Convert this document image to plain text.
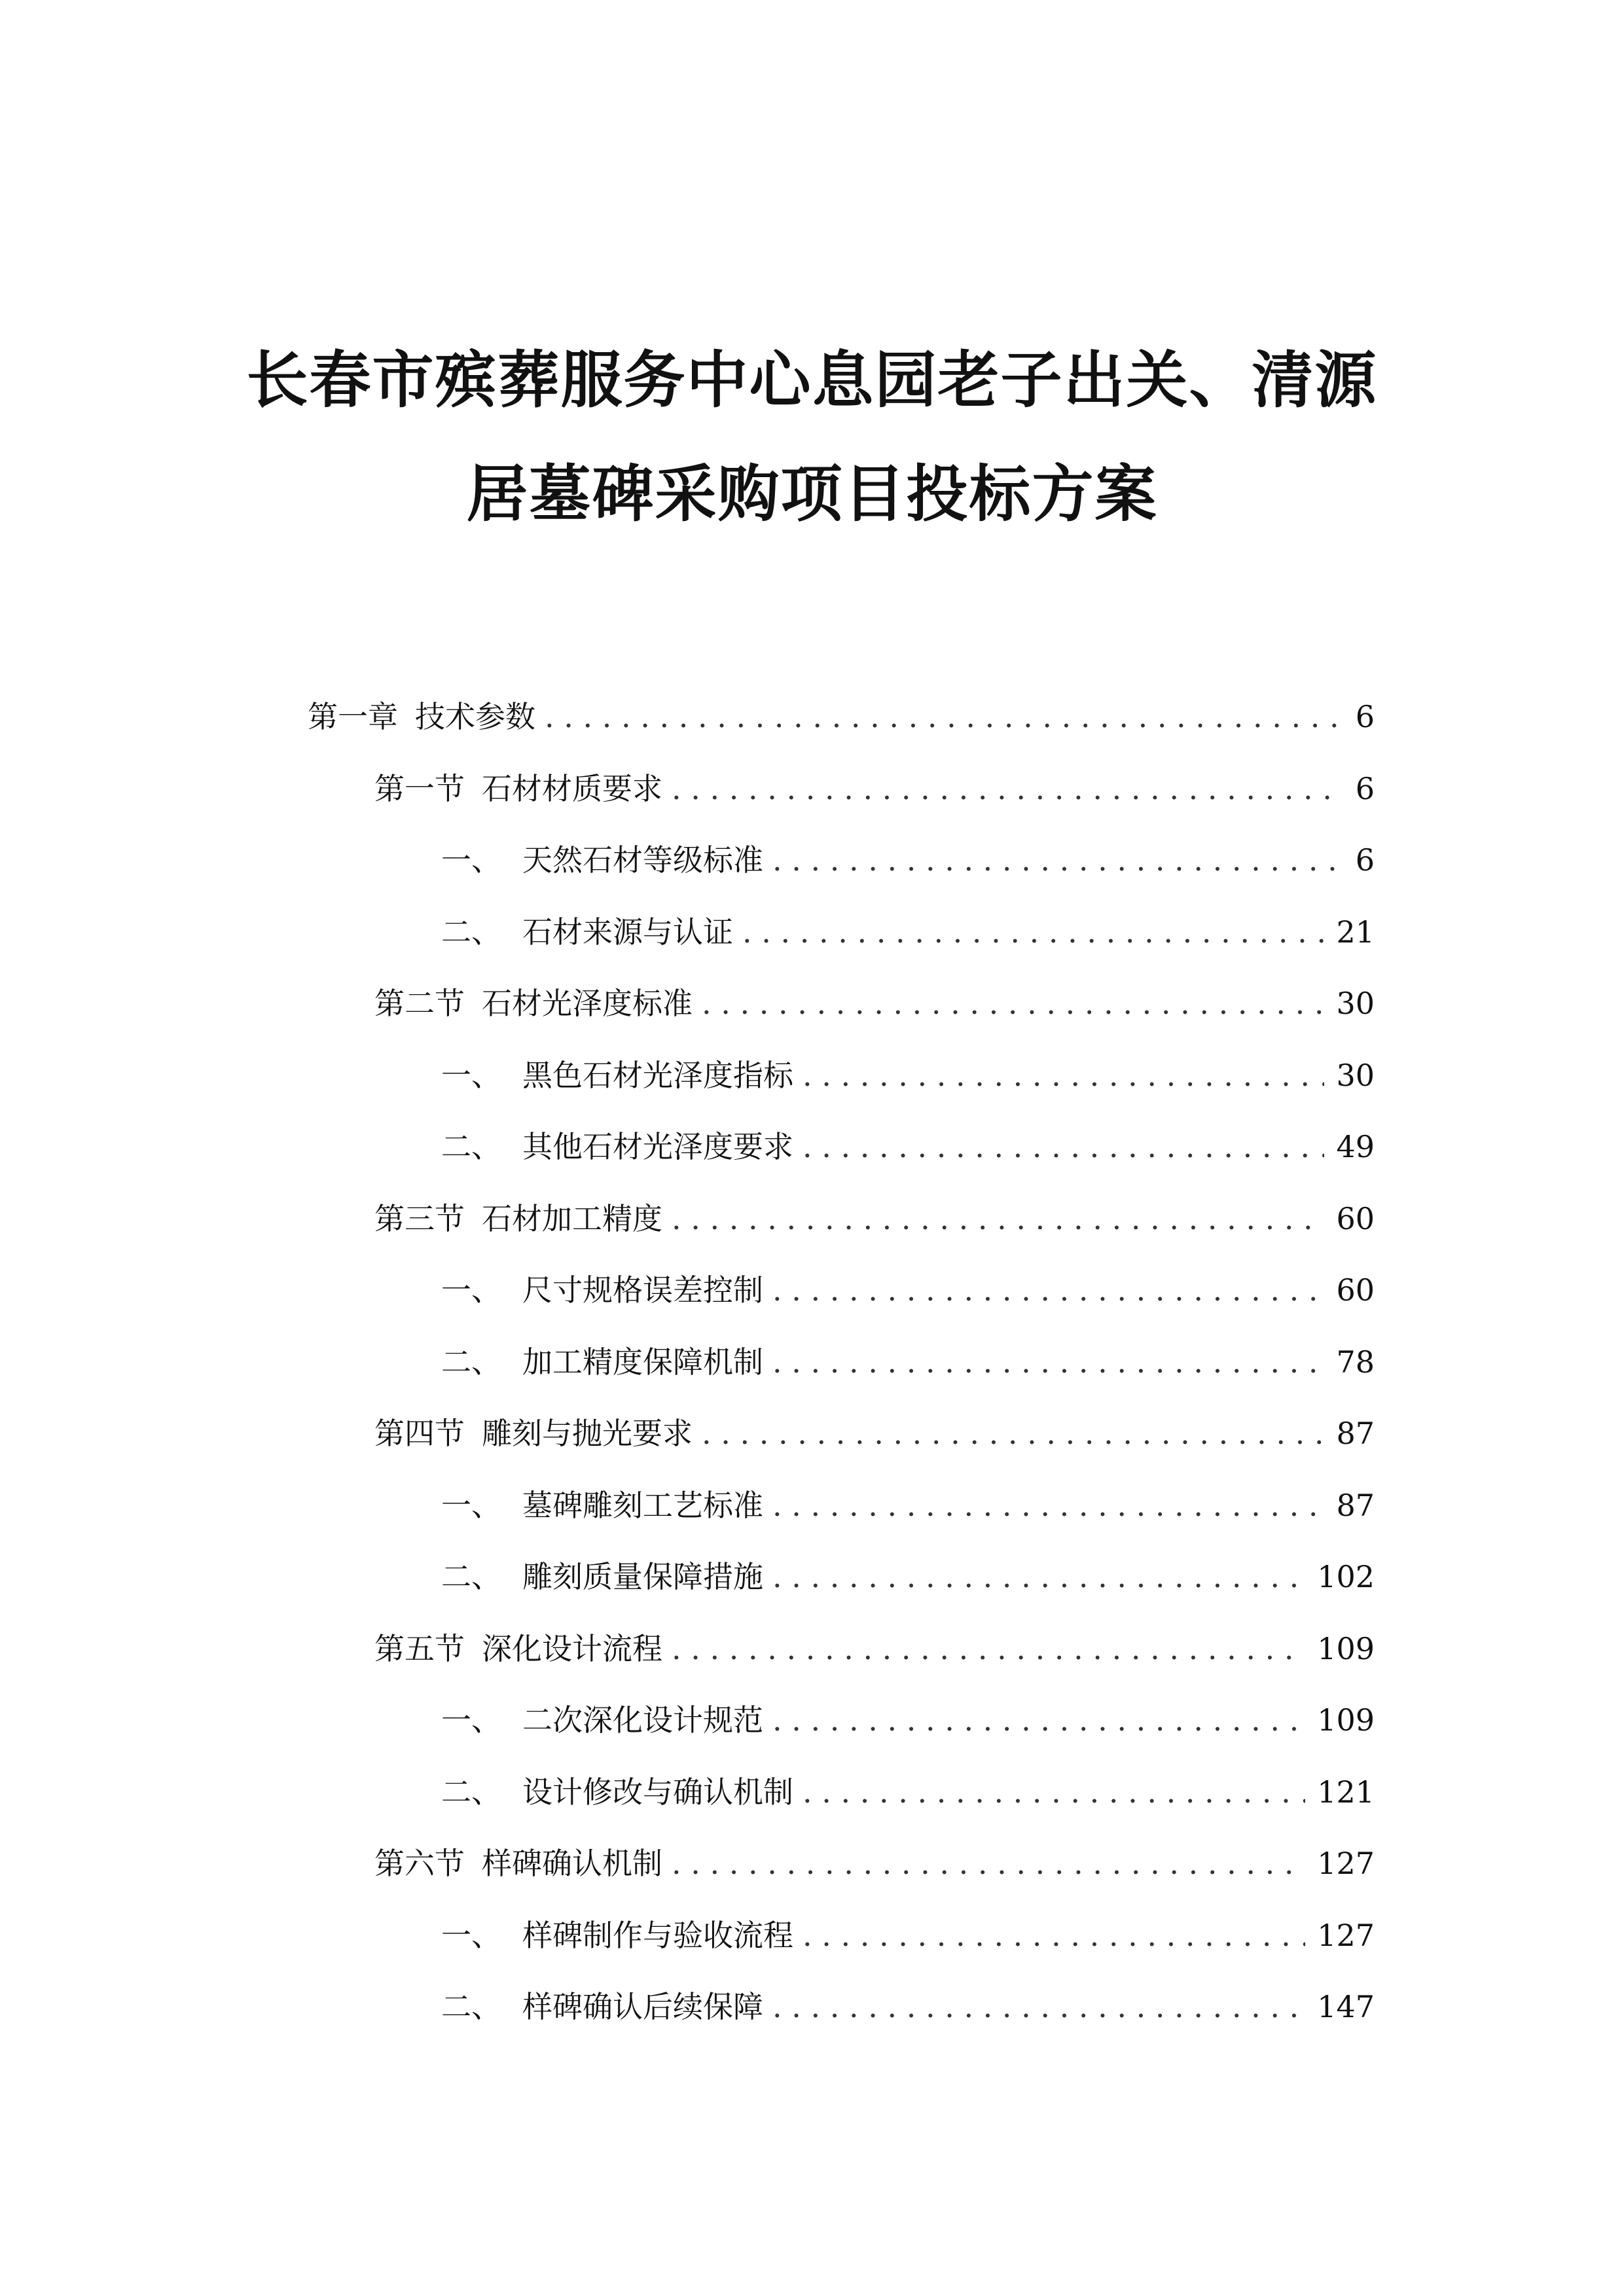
长春市殡葬服务中心息园老子出关、清源
居墓碑采购项目投标方案
第一章 技术参数 . . .	6
第一节 石材材质要求 . . .	6
一、 天然石材等级标准 . . .	6
二、 石材来源与认证 . . .	21
第二节 石材光泽度标准 . . .	30
一、 黑色石材光泽度指标 . . .	30
二、 其他石材光泽度要求 . . .	49
第三节 石材加工精度 . . .	60
一、 尺寸规格误差控制 . . .	60
二、 加工精度保障机制 . . .	78
第四节 雕刻与抛光要求 . . .	87
一、 墓碑雕刻工艺标准 . . .	87
二、 雕刻质量保障措施 . . .	102
第五节 深化设计流程 . . .	109
一、 二次深化设计规范 . . .	109
二、 设计修改与确认机制 . . .	121
第六节 样碑确认机制 . . .	127
一、 样碑制作与验收流程 . . .	127
二、 样碑确认后续保障 . . .	147
